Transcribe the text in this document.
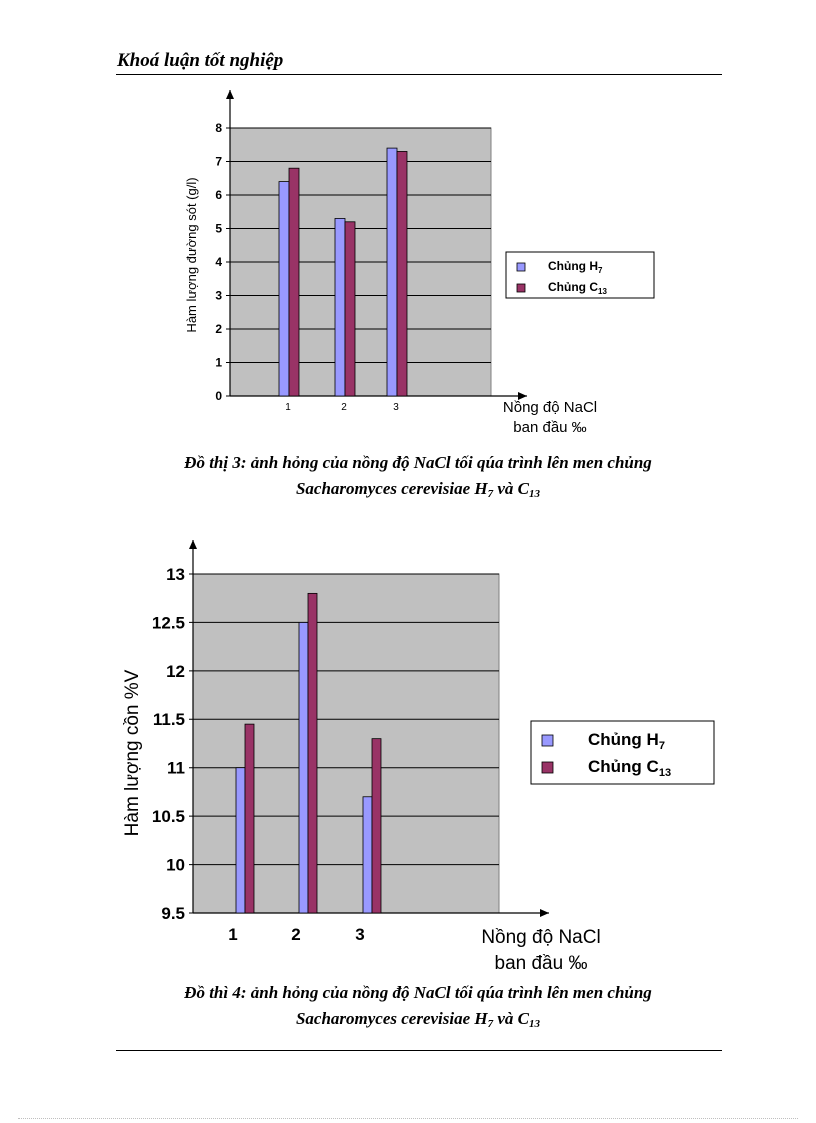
Khoá luận tốt nghiệp
0
1
2
3
4
5
6
7
8
1	2	3
Hàm lượng đường sót (g/l)
Nồng độ NaCl
ban đầu ‰
Chủng $H_7$
Chủng $C_{13}$
Đồ thị 3: ảnh hỏng của nồng độ NaCl tối qúa trình lên men chủng
Sacharomyces cerevisiae $H_7$ và $C_{13}$
9.5
10
10.5
11
11.5
12
12.5
13
1	2	3
Hàm lượng cồn %V
Nồng độ NaCl
ban đầu ‰
Chủng $H_7$
Chủng $C_{13}$
Đồ thì 4: ảnh hỏng của nồng độ NaCl tối qúa trình lên men chủng
Sacharomyces cerevisiae $H_7$ và $C_{13}$
